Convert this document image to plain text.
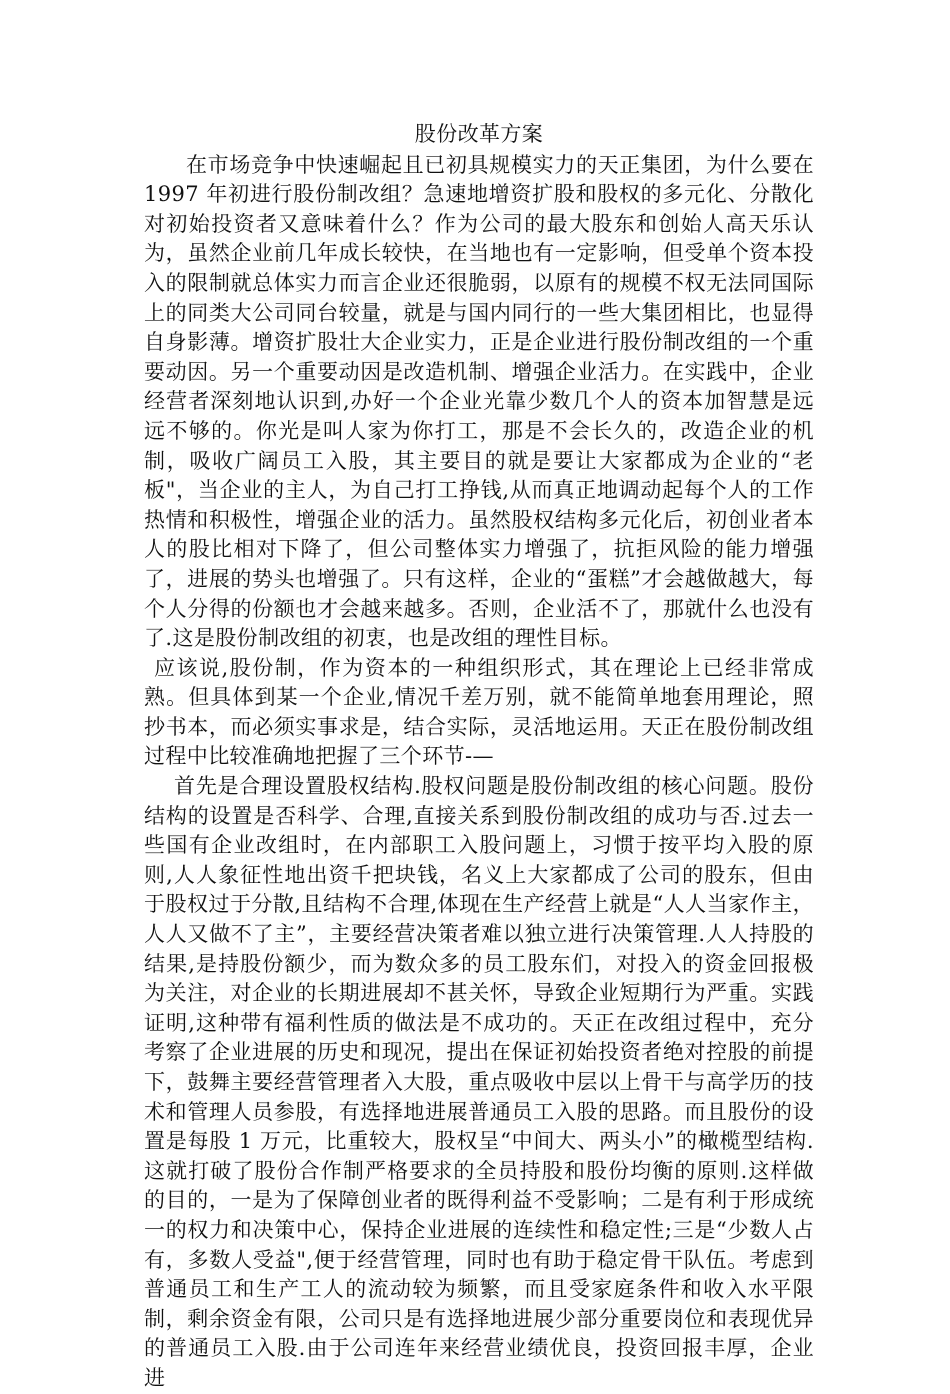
股份改革方案

在市场竞争中快速崛起且已初具规模实力的天正集团，为什么要在 1997 年初进行股份制改组？急速地增资扩股和股权的多元化、分散化对初始投资者又意味着什么？作为公司的最大股东和创始人高天乐认为，虽然企业前几年成长较快，在当地也有一定影响，但受单个资本投入的限制就总体实力而言企业还很脆弱，以原有的规模不权无法同国际上的同类大公司同台较量，就是与国内同行的一些大集团相比，也显得自身影薄。增资扩股壮大企业实力，正是企业进行股份制改组的一个重要动因。另一个重要动因是改造机制、增强企业活力。在实践中，企业经营者深刻地认识到,办好一个企业光靠少数几个人的资本加智慧是远远不够的。你光是叫人家为你打工，那是不会长久的，改造企业的机制，吸收广阔员工入股，其主要目的就是要让大家都成为企业的“老板"，当企业的主人，为自己打工挣钱,从而真正地调动起每个人的工作热情和积极性，增强企业的活力。虽然股权结构多元化后，初创业者本人的股比相对下降了，但公司整体实力增强了，抗拒风险的能力增强了，进展的势头也增强了。只有这样，企业的“蛋糕”才会越做越大，每个人分得的份额也才会越来越多。否则，企业活不了，那就什么也没有了.这是股份制改组的初衷，也是改组的理性目标。

应该说,股份制，作为资本的一种组织形式，其在理论上已经非常成熟。但具体到某一个企业,情况千差万别，就不能简单地套用理论，照抄书本，而必须实事求是，结合实际，灵活地运用。天正在股份制改组过程中比较准确地把握了三个环节-—

首先是合理设置股权结构.股权问题是股份制改组的核心问题。股份结构的设置是否科学、合理,直接关系到股份制改组的成功与否.过去一些国有企业改组时，在内部职工入股问题上，习惯于按平均入股的原则,人人象征性地出资千把块钱，名义上大家都成了公司的股东，但由于股权过于分散,且结构不合理,体现在生产经营上就是“人人当家作主，人人又做不了主”，主要经营决策者难以独立进行决策管理.人人持股的结果,是持股份额少，而为数众多的员工股东们，对投入的资金回报极为关注，对企业的长期进展却不甚关怀，导致企业短期行为严重。实践证明,这种带有福利性质的做法是不成功的。天正在改组过程中，充分考察了企业进展的历史和现况，提出在保证初始投资者绝对控股的前提下，鼓舞主要经营管理者入大股，重点吸收中层以上骨干与高学历的技术和管理人员参股，有选择地进展普通员工入股的思路。而且股份的设置是每股 1 万元，比重较大，股权呈“中间大、两头小”的橄榄型结构.这就打破了股份合作制严格要求的全员持股和股份均衡的原则.这样做的目的，一是为了保障创业者的既得利益不受影响；二是有利于形成统一的权力和决策中心，保持企业进展的连续性和稳定性;三是“少数人占有，多数人受益",便于经营管理，同时也有助于稳定骨干队伍。考虑到普通员工和生产工人的流动较为频繁，而且受家庭条件和收入水平限制，剩余资金有限，公司只是有选择地进展少部分重要岗位和表现优异的普通员工入股.由于公司连年来经营业绩优良，投资回报丰厚，企业进
